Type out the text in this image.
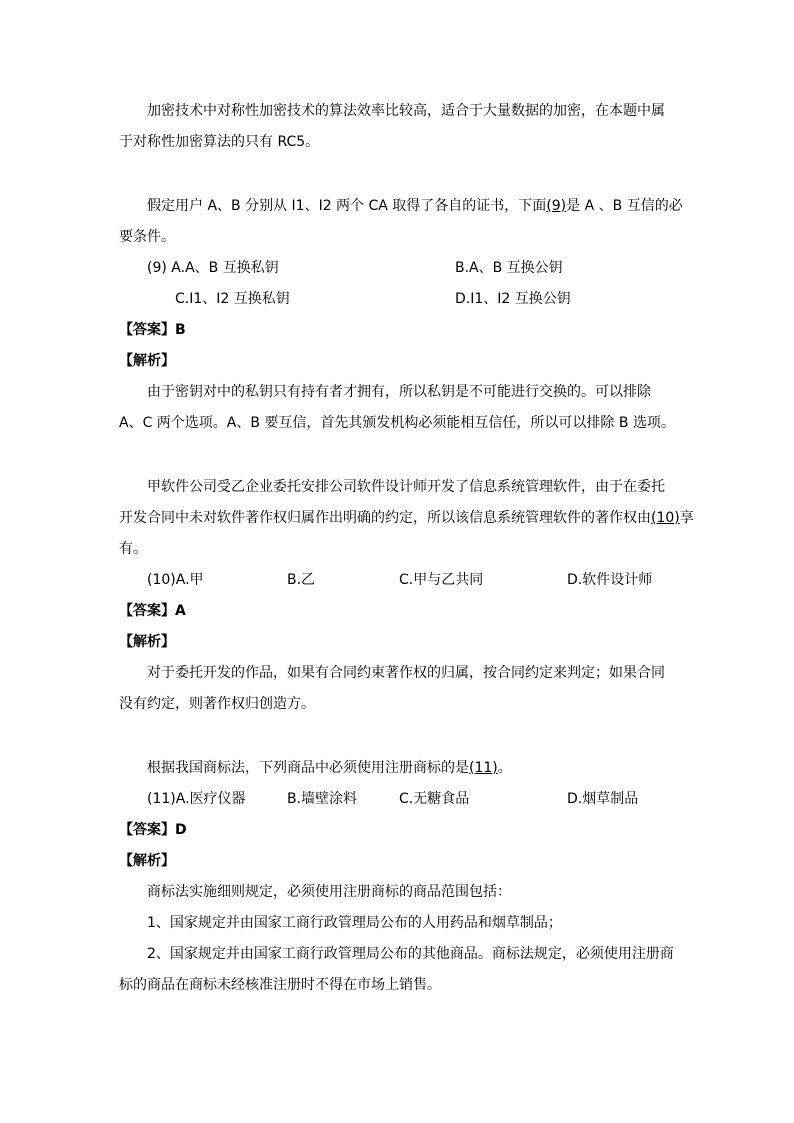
加密技术中对称性加密技术的算法效率比较高，适合于大量数据的加密，在本题中属
于对称性加密算法的只有 RC5。
假定用户 A、B 分别从 I1、I2 两个 CA 取得了各自的证书，下面(9)是 A 、B 互信的必
要条件。
(9) A.A、B 互换私钥	B.A、B 互换公钥
C.I1、I2 互换私钥	D.I1、I2 互换公钥
【答案】B
【解析】
由于密钥对中的私钥只有持有者才拥有，所以私钥是不可能进行交换的。可以排除
A、C 两个选项。A、B 要互信，首先其颁发机构必须能相互信任，所以可以排除 B 选项。
甲软件公司受乙企业委托安排公司软件设计师开发了信息系统管理软件，由于在委托
开发合同中未对软件著作权归属作出明确的约定，所以该信息系统管理软件的著作权由(10)享
有。
(10)A.甲	B.乙	C.甲与乙共同	D.软件设计师
【答案】A
【解析】
对于委托开发的作品，如果有合同约束著作权的归属，按合同约定来判定；如果合同
没有约定，则著作权归创造方。
根据我国商标法，下列商品中必须使用注册商标的是(11)。
(11)A.医疗仪器	B.墙壁涂料	C.无糖食品	D.烟草制品
【答案】D
【解析】
商标法实施细则规定，必须使用注册商标的商品范围包括：
1、国家规定并由国家工商行政管理局公布的人用药品和烟草制品；
2、国家规定并由国家工商行政管理局公布的其他商品。商标法规定，必须使用注册商
标的商品在商标未经核准注册时不得在市场上销售。
